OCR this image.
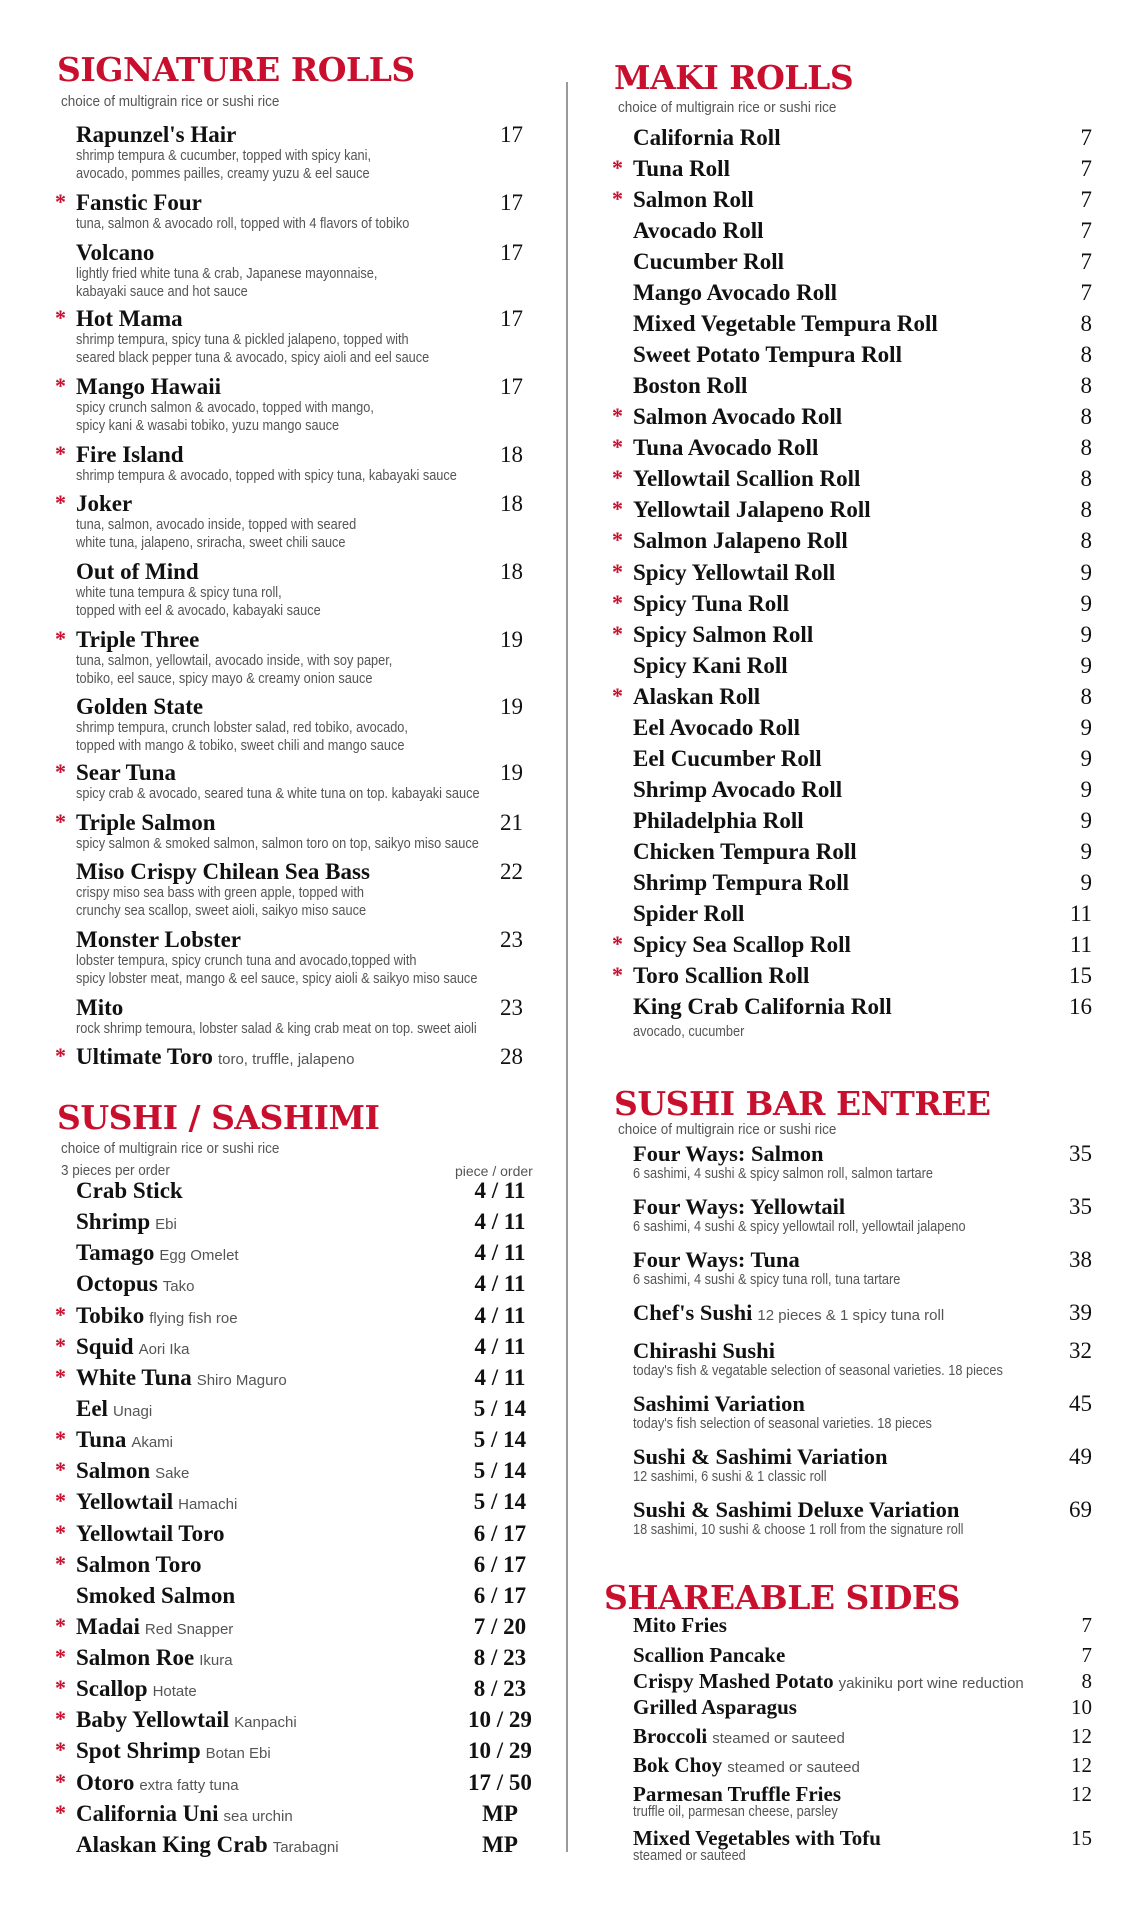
SIGNATURE ROLLS
choice of multigrain rice or sushi rice
Rapunzel's Hair	17
shrimp tempura & cucumber, topped with spicy kani,
avocado, pommes pailles, creamy yuzu & eel sauce
* Fanstic Four	17
tuna, salmon & avocado roll, topped with 4 flavors of tobiko
Volcano	17
lightly fried white tuna & crab, Japanese mayonnaise,
kabayaki sauce and hot sauce
* Hot Mama	17
shrimp tempura, spicy tuna & pickled jalapeno, topped with
seared black pepper tuna & avocado, spicy aioli and eel sauce
* Mango Hawaii	17
spicy crunch salmon & avocado, topped with mango,
spicy kani & wasabi tobiko, yuzu mango sauce
* Fire Island	18
shrimp tempura & avocado, topped with spicy tuna, kabayaki sauce
* Joker	18
tuna, salmon, avocado inside, topped with seared
white tuna, jalapeno, sriracha, sweet chili sauce
Out of Mind	18
white tuna tempura & spicy tuna roll,
topped with eel & avocado, kabayaki sauce
* Triple Three	19
tuna, salmon, yellowtail, avocado inside, with soy paper,
tobiko, eel sauce, spicy mayo & creamy onion sauce
Golden State	19
shrimp tempura, crunch lobster salad, red tobiko, avocado,
topped with mango & tobiko, sweet chili and mango sauce
* Sear Tuna	19
spicy crab & avocado, seared tuna & white tuna on top. kabayaki sauce
* Triple Salmon	21
spicy salmon & smoked salmon, salmon toro on top, saikyo miso sauce
Miso Crispy Chilean Sea Bass	22
crispy miso sea bass with green apple, topped with
crunchy sea scallop, sweet aioli, saikyo miso sauce
Monster Lobster	23
lobster tempura, spicy crunch tuna and avocado,topped with
spicy lobster meat, mango & eel sauce, spicy aioli & saikyo miso sauce
Mito	23
rock shrimp temoura, lobster salad & king crab meat on top. sweet aioli
* Ultimate Toro toro, truffle, jalapeno	28
SUSHI / SASHIMI
choice of multigrain rice or sushi rice
3 pieces per order	piece / order
Crab Stick	4 / 11
Shrimp Ebi	4 / 11
Tamago Egg Omelet	4 / 11
Octopus Tako	4 / 11
* Tobiko flying fish roe	4 / 11
* Squid Aori Ika	4 / 11
* White Tuna Shiro Maguro	4 / 11
Eel Unagi	5 / 14
* Tuna Akami	5 / 14
* Salmon Sake	5 / 14
* Yellowtail Hamachi	5 / 14
* Yellowtail Toro	6 / 17
* Salmon Toro	6 / 17
Smoked Salmon	6 / 17
* Madai Red Snapper	7 / 20
* Salmon Roe Ikura	8 / 23
* Scallop Hotate	8 / 23
* Baby Yellowtail Kanpachi	10 / 29
* Spot Shrimp Botan Ebi	10 / 29
* Otoro extra fatty tuna	17 / 50
* California Uni sea urchin	MP
Alaskan King Crab Tarabagni	MP
MAKI ROLLS
choice of multigrain rice or sushi rice
California Roll	7
* Tuna Roll	7
* Salmon Roll	7
Avocado Roll	7
Cucumber Roll	7
Mango Avocado Roll	7
Mixed Vegetable Tempura Roll	8
Sweet Potato Tempura Roll	8
Boston Roll	8
* Salmon Avocado Roll	8
* Tuna Avocado Roll	8
* Yellowtail Scallion Roll	8
* Yellowtail Jalapeno Roll	8
* Salmon Jalapeno Roll	8
* Spicy Yellowtail Roll	9
* Spicy Tuna Roll	9
* Spicy Salmon Roll	9
Spicy Kani Roll	9
* Alaskan Roll	8
Eel Avocado Roll	9
Eel Cucumber Roll	9
Shrimp Avocado Roll	9
Philadelphia Roll	9
Chicken Tempura Roll	9
Shrimp Tempura Roll	9
Spider Roll	11
* Spicy Sea Scallop Roll	11
* Toro Scallion Roll	15
King Crab California Roll	16
avocado, cucumber
SUSHI BAR ENTREE
choice of multigrain rice or sushi rice
Four Ways: Salmon	35
6 sashimi, 4 sushi & spicy salmon roll, salmon tartare
Four Ways: Yellowtail	35
6 sashimi, 4 sushi & spicy yellowtail roll, yellowtail jalapeno
Four Ways: Tuna	38
6 sashimi, 4 sushi & spicy tuna roll, tuna tartare
Chef's Sushi 12 pieces & 1 spicy tuna roll	39
Chirashi Sushi	32
today's fish & vegatable selection of seasonal varieties. 18 pieces
Sashimi Variation	45
today's fish selection of seasonal varieties. 18 pieces
Sushi & Sashimi Variation	49
12 sashimi, 6 sushi & 1 classic roll
Sushi & Sashimi Deluxe Variation	69
18 sashimi, 10 sushi & choose 1 roll from the signature roll
SHAREABLE SIDES
Mito Fries	7
Scallion Pancake	7
Crispy Mashed Potato yakiniku port wine reduction	8
Grilled Asparagus	10
Broccoli steamed or sauteed	12
Bok Choy steamed or sauteed	12
Parmesan Truffle Fries	12
truffle oil, parmesan cheese, parsley
Mixed Vegetables with Tofu	15
steamed or sauteed
